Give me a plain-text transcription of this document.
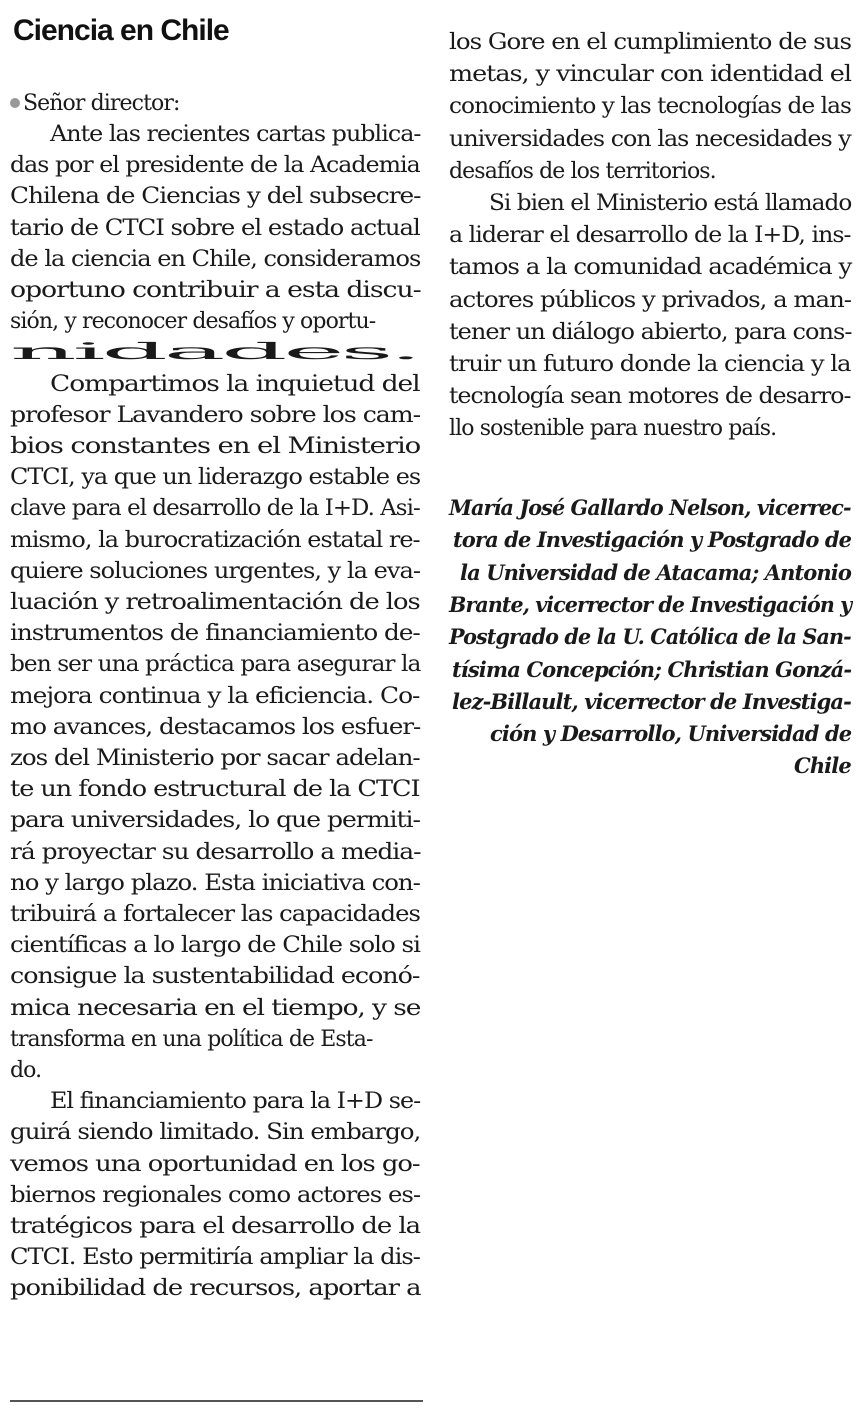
Ciencia en Chile
Señor director:
Ante las recientes cartas publica-
das por el presidente de la Academia
Chilena de Ciencias y del subsecre-
tario de CTCI sobre el estado actual
de la ciencia en Chile, consideramos
oportuno contribuir a esta discu-
sión, y reconocer desafíos y oportu-
nidades.
Compartimos la inquietud del
profesor Lavandero sobre los cam-
bios constantes en el Ministerio
CTCI, ya que un liderazgo estable es
clave para el desarrollo de la I+D. Asi-
mismo, la burocratización estatal re-
quiere soluciones urgentes, y la eva-
luación y retroalimentación de los
instrumentos de financiamiento de-
ben ser una práctica para asegurar la
mejora continua y la eficiencia. Co-
mo avances, destacamos los esfuer-
zos del Ministerio por sacar adelan-
te un fondo estructural de la CTCI
para universidades, lo que permiti-
rá proyectar su desarrollo a media-
no y largo plazo. Esta iniciativa con-
tribuirá a fortalecer las capacidades
científicas a lo largo de Chile solo si
consigue la sustentabilidad econó-
mica necesaria en el tiempo, y se
transforma en una política de Esta-
do.
El financiamiento para la I+D se-
guirá siendo limitado. Sin embargo,
vemos una oportunidad en los go-
biernos regionales como actores es-
tratégicos para el desarrollo de la
CTCI. Esto permitiría ampliar la dis-
ponibilidad de recursos, aportar a
los Gore en el cumplimiento de sus
metas, y vincular con identidad el
conocimiento y las tecnologías de las
universidades con las necesidades y
desafíos de los territorios.
Si bien el Ministerio está llamado
a liderar el desarrollo de la I+D, ins-
tamos a la comunidad académica y
actores públicos y privados, a man-
tener un diálogo abierto, para cons-
truir un futuro donde la ciencia y la
tecnología sean motores de desarro-
llo sostenible para nuestro país.
María José Gallardo Nelson, vicerrec-
tora de Investigación y Postgrado de
la Universidad de Atacama; Antonio
Brante, vicerrector de Investigación y
Postgrado de la U. Católica de la San-
tísima Concepción; Christian Gonzá-
lez-Billault, vicerrector de Investiga-
ción y Desarrollo, Universidad de
Chile
